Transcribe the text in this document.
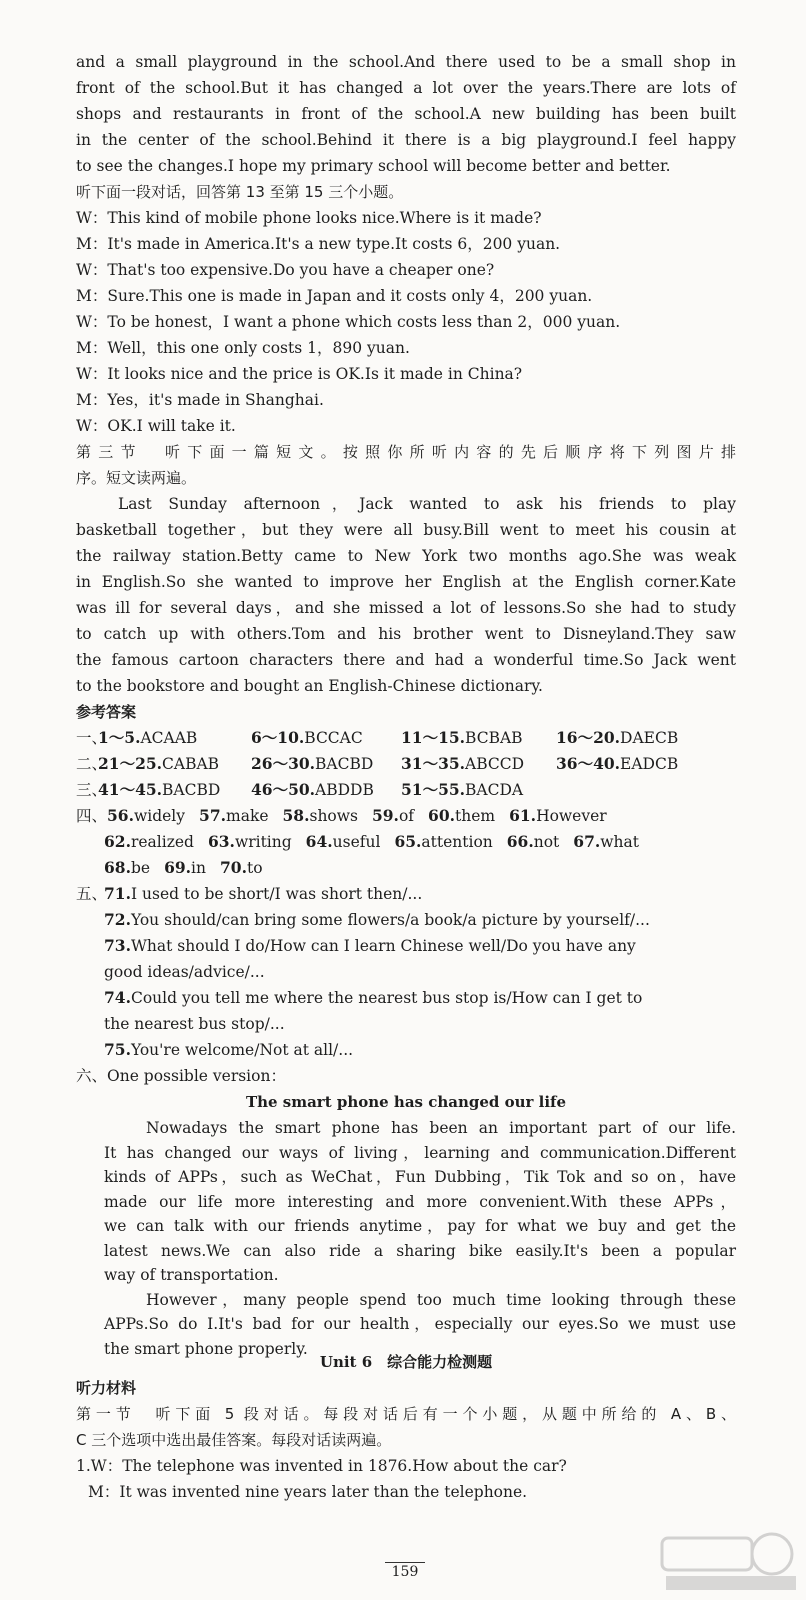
and a small playground in the school.And there used to be a small shop in
front of the school.But it has changed a lot over the years.There are lots of
shops and restaurants in front of the school.A new building has been built
in the center of the school.Behind it there is a big playground.I feel happy
to see the changes.I hope my primary school will become better and better.
听下面一段对话，回答第 13 至第 15 三个小题。
W：This kind of mobile phone looks nice.Where is it made?
M：It's made in America.It's a new type.It costs 6，200 yuan.
W：That's too expensive.Do you have a cheaper one?
M：Sure.This one is made in Japan and it costs only 4，200 yuan.
W：To be honest，I want a phone which costs less than 2，000 yuan.
M：Well，this one only costs 1，890 yuan.
W：It looks nice and the price is OK.Is it made in China?
M：Yes，it's made in Shanghai.
W：OK.I will take it.
第三节　听下面一篇短文。按照你所听内容的先后顺序将下列图片排
序。短文读两遍。
Last Sunday afternoon，Jack wanted to ask his friends to play
basketball together，but they were all busy.Bill went to meet his cousin at
the railway station.Betty came to New York two months ago.She was weak
in English.So she wanted to improve her English at the English corner.Kate
was ill for several days，and she missed a lot of lessons.So she had to study
to catch up with others.Tom and his brother went to Disneyland.They saw
the famous cartoon characters there and had a wonderful time.So Jack went
to the bookstore and bought an English-Chinese dictionary.
参考答案
一、
1～5.ACAAB	6～10.BCCAC 11～15.BCBAB 16～20.DAECB
二、
21～25.CABAB 26～30.BACBD 31～35.ABCCD 36～40.EADCB
三、
41～45.BACBD 46～50.ABDDB 51～55.BACDA
四、56.widely 57.make 58.shows 59.of 60.them 61.However
62.realized 63.writing 64.useful 65.attention 66.not 67.what
68.be 69.in 70.to
五、
71.I used to be short/I was short then/...
72.You should/can bring some flowers/a book/a picture by yourself/...
73.What should I do/How can I learn Chinese well/Do you have any
good ideas/advice/...
74.Could you tell me where the nearest bus stop is/How can I get to
the nearest bus stop/...
75.You're welcome/Not at all/...
六、One possible version：
The smart phone has changed our life
Nowadays the smart phone has been an important part of our life.
It has changed our ways of living，learning and communication.Different
kinds of APPs，such as WeChat，Fun Dubbing，Tik Tok and so on，have
made our life more interesting and more convenient.With these APPs，
we can talk with our friends anytime，pay for what we buy and get the
latest news.We can also ride a sharing bike easily.It's been a popular
way of transportation.
However，many people spend too much time looking through these
APPs.So do I.It's bad for our health，especially our eyes.So we must use
the smart phone properly.
Unit 6　综合能力检测题
听力材料
第一节　听下面 5 段对话。每段对话后有一个小题，从题中所给的 A、B、
C 三个选项中选出最佳答案。每段对话读两遍。
1.W：The telephone was invented in 1876.How about the car?
M：It was invented nine years later than the telephone.
159
